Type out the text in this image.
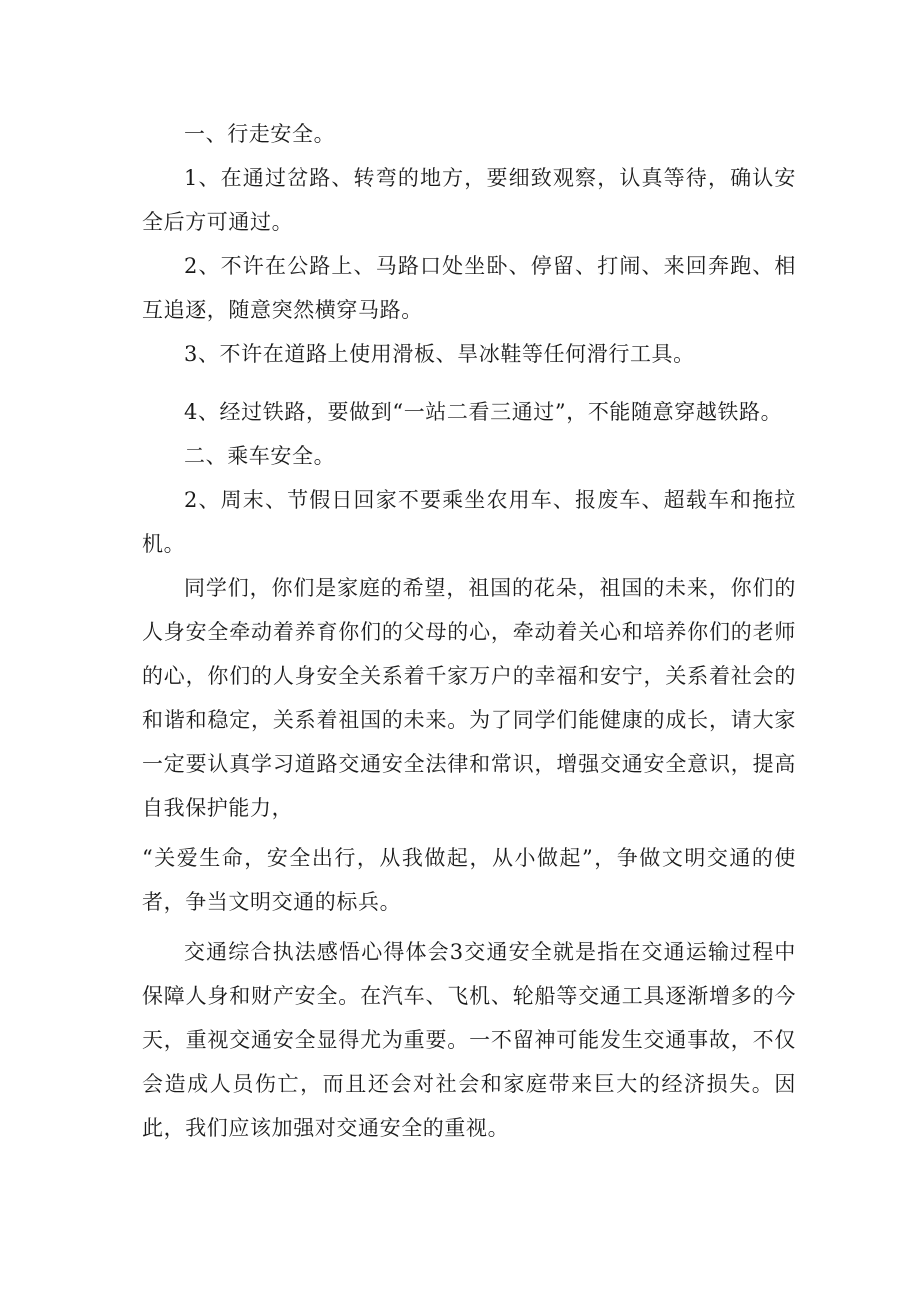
一、行走安全。

1、在通过岔路、转弯的地方，要细致观察，认真等待，确认安全后方可通过。

2、不许在公路上、马路口处坐卧、停留、打闹、来回奔跑、相互追逐，随意突然横穿马路。

3、不许在道路上使用滑板、旱冰鞋等任何滑行工具。

4、经过铁路，要做到“一站二看三通过”，不能随意穿越铁路。

二、乘车安全。

2、周末、节假日回家不要乘坐农用车、报废车、超载车和拖拉机。

同学们，你们是家庭的希望，祖国的花朵，祖国的未来，你们的人身安全牵动着养育你们的父母的心，牵动着关心和培养你们的老师的心，你们的人身安全关系着千家万户的幸福和安宁，关系着社会的和谐和稳定，关系着祖国的未来。为了同学们能健康的成长，请大家一定要认真学习道路交通安全法律和常识，增强交通安全意识，提高自我保护能力，

“关爱生命，安全出行，从我做起，从小做起”，争做文明交通的使者，争当文明交通的标兵。

交通综合执法感悟心得体会3交通安全就是指在交通运输过程中保障人身和财产安全。在汽车、飞机、轮船等交通工具逐渐增多的今天，重视交通安全显得尤为重要。一不留神可能发生交通事故，不仅会造成人员伤亡，而且还会对社会和家庭带来巨大的经济损失。因此，我们应该加强对交通安全的重视。
